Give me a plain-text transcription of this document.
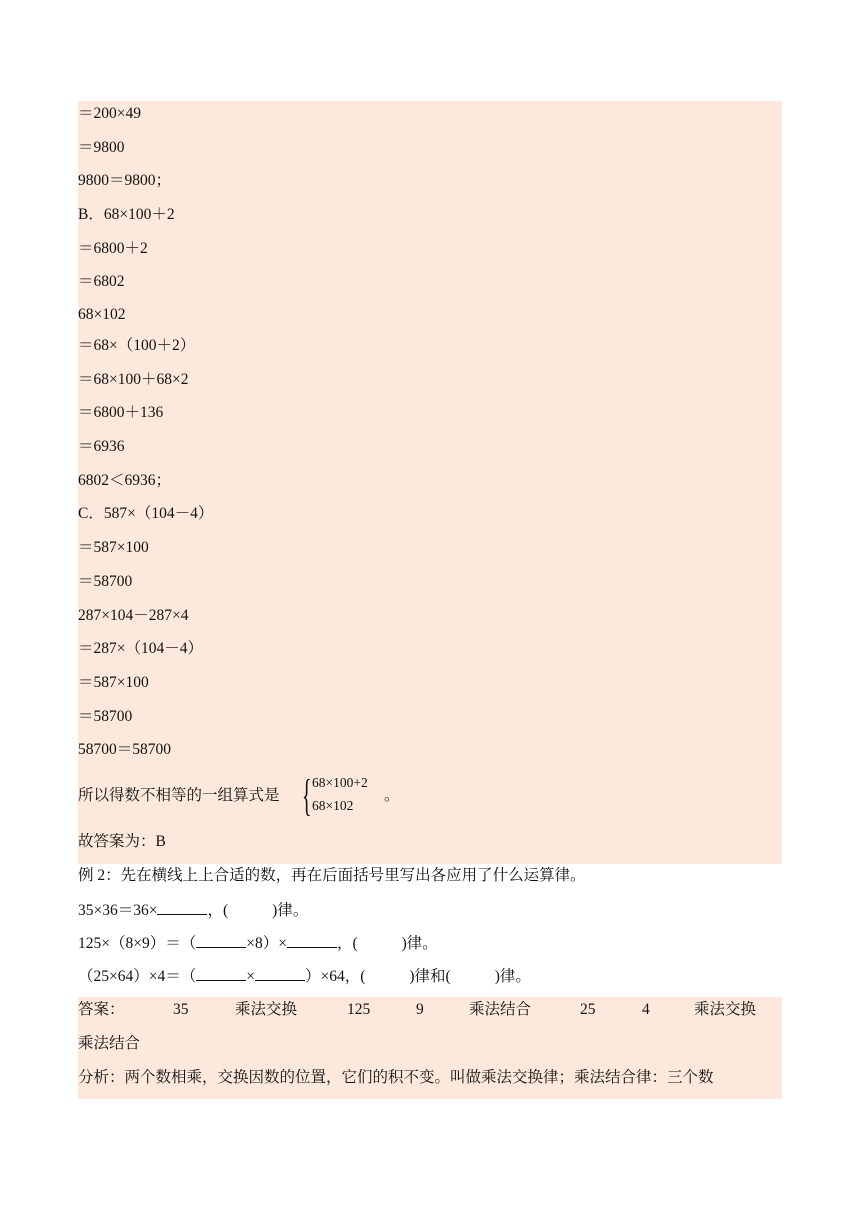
＝200×49
＝9800
9800＝9800；
B．68×100＋2
＝6800＋2
＝6802
68×102
＝68×（100＋2）
＝68×100＋68×2
＝6800＋136
＝6936
6802＜6936；
C．587×（104－4）
＝587×100
＝58700
287×104－287×4
＝287×（104－4）
＝587×100
＝58700
58700＝58700
所以得数不相等的一组算式是 { 68×100+2
68×102
。
故答案为：B
例 2：先在横线上上合适的数，再在后面括号里写出各应用了什么运算律。
35×36＝36×	，(	)律。
125×（8×9）＝（	×8）×	，(	)律。
（25×64）×4＝（	×	）×64，(	)律和(	)律。

答案：

	35

	乘法交换

	125

	9

	乘法结合

	25

	4

	乘法交换

乘法结合
分析：两个数相乘，交换因数的位置，它们的积不变。叫做乘法交换律；乘法结合律：三个数
